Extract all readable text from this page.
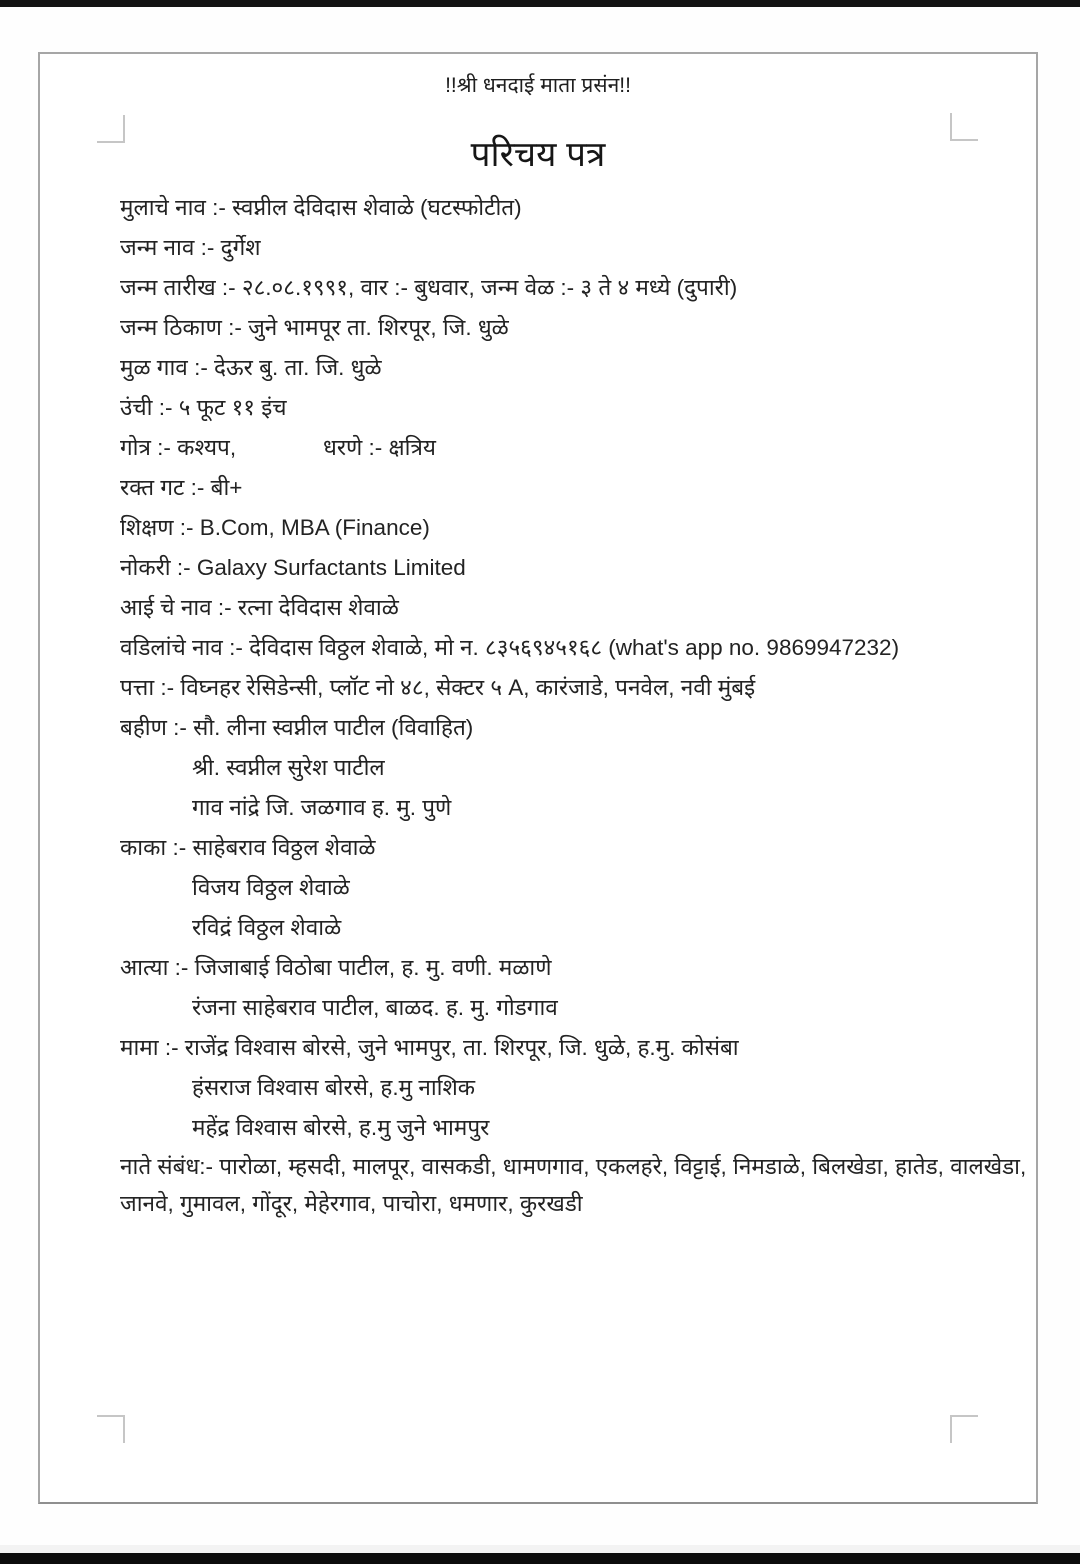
!!श्री धनदाई माता प्रसंन!!
परिचय पत्र
मुलाचे नाव :- स्वप्नील देविदास शेवाळे (घटस्फोटीत)
जन्म नाव :- दुर्गेश
जन्म तारीख :- २८.०८.१९९१, वार :- बुधवार, जन्म वेळ :- ३ ते ४ मध्ये (दुपारी)
जन्म ठिकाण :- जुने भामपूर ता. शिरपूर, जि. धुळे
मुळ गाव :- देऊर बु. ता. जि. धुळे
उंची :- ५ फूट ११ इंच
गोत्र :- कश्यप,	धरणे :- क्षत्रिय
रक्त गट :- बी+
शिक्षण :- B.Com, MBA (Finance)
नोकरी :- Galaxy Surfactants Limited
आई चे नाव :- रत्ना देविदास शेवाळे
वडिलांचे नाव :- देविदास विठ्ठल शेवाळे, मो न. ८३५६९४५१६८ (what's app no. 9869947232)
पत्ता :- विघ्नहर रेसिडेन्सी, प्लॉट नो ४८, सेक्टर ५ A, कारंजाडे, पनवेल, नवी मुंबई
बहीण :- सौ. लीना स्वप्नील पाटील (विवाहित)
श्री. स्वप्नील सुरेश पाटील
गाव नांद्रे जि. जळगाव ह. मु. पुणे
काका :- साहेबराव विठ्ठल शेवाळे
विजय विठ्ठल शेवाळे
रविद्रं विठ्ठल शेवाळे
आत्या :- जिजाबाई विठोबा पाटील, ह. मु. वणी. मळाणे
रंजना साहेबराव पाटील, बाळद. ह. मु. गोडगाव
मामा :- राजेंद्र विश्वास बोरसे, जुने भामपुर, ता. शिरपूर, जि. धुळे, ह.मु. कोसंबा
हंसराज विश्वास बोरसे, ह.मु नाशिक
महेंद्र विश्वास बोरसे, ह.मु जुने भामपुर
नाते संबंध:- पारोळा, म्हसदी, मालपूर, वासकडी, धामणगाव, एकलहरे, विट्टाई, निमडाळे, बिलखेडा, हातेड, वालखेडा,
जानवे, गुमावल, गोंदूर, मेहेरगाव, पाचोरा, धमणार, कुरखडी
